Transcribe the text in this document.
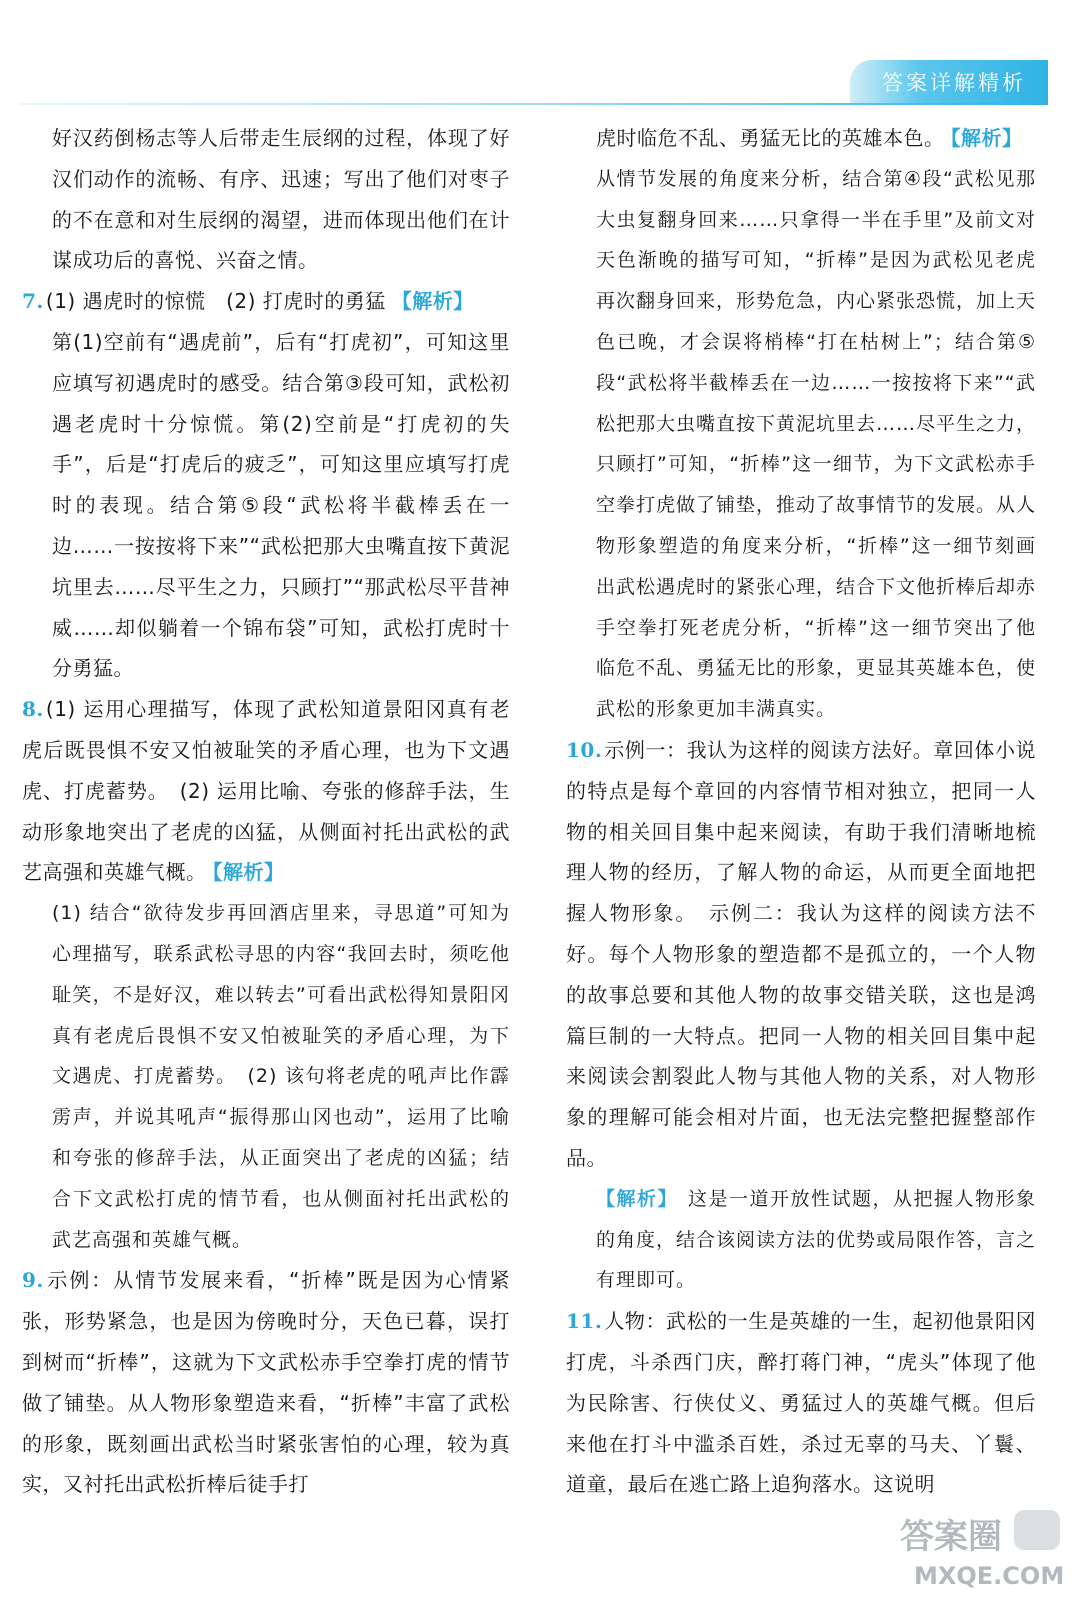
答案详解精析

好汉药倒杨志等人后带走生辰纲的过程，体现了好汉们动作的流畅、有序、迅速；写出了他们对枣子的不在意和对生辰纲的渴望，进而体现出他们在计谋成功后的喜悦、兴奋之情。

7. (1) 遇虎时的惊慌　(2) 打虎时的勇猛 【解析】

第(1)空前有“遇虎前”，后有“打虎初”，可知这里应填写初遇虎时的感受。结合第③段可知，武松初遇老虎时十分惊慌。第(2)空前是“打虎初的失手”，后是“打虎后的疲乏”，可知这里应填写打虎时的表现。结合第⑤段“武松将半截棒丢在一边……一按按将下来”“武松把那大虫嘴直按下黄泥坑里去……尽平生之力，只顾打”“那武松尽平昔神威……却似躺着一个锦布袋”可知，武松打虎时十分勇猛。

8. (1) 运用心理描写，体现了武松知道景阳冈真有老虎后既畏惧不安又怕被耻笑的矛盾心理，也为下文遇虎、打虎蓄势。　(2) 运用比喻、夸张的修辞手法，生动形象地突出了老虎的凶猛，从侧面衬托出武松的武艺高强和英雄气概。 【解析】

(1) 结合“欲待发步再回酒店里来，寻思道”可知为心理描写，联系武松寻思的内容“我回去时，须吃他耻笑，不是好汉，难以转去”可看出武松得知景阳冈真有老虎后畏惧不安又怕被耻笑的矛盾心理，为下文遇虎、打虎蓄势。　(2) 该句将老虎的吼声比作霹雳声，并说其吼声“振得那山冈也动”，运用了比喻和夸张的修辞手法，从正面突出了老虎的凶猛；结合下文武松打虎的情节看，也从侧面衬托出武松的武艺高强和英雄气概。

9. 示例：从情节发展来看，“折棒”既是因为心情紧张，形势紧急，也是因为傍晚时分，天色已暮，误打到树而“折棒”，这就为下文武松赤手空拳打虎的情节做了铺垫。从人物形象塑造来看，“折棒”丰富了武松的形象，既刻画出武松当时紧张害怕的心理，较为真实，又衬托出武松折棒后徒手打

虎时临危不乱、勇猛无比的英雄本色。 【解析】

从情节发展的角度来分析，结合第④段“武松见那大虫复翻身回来……只拿得一半在手里”及前文对天色渐晚的描写可知，“折棒”是因为武松见老虎再次翻身回来，形势危急，内心紧张恐慌，加上天色已晚，才会误将梢棒“打在枯树上”；结合第⑤段“武松将半截棒丢在一边……一按按将下来”“武松把那大虫嘴直按下黄泥坑里去……尽平生之力，只顾打”可知，“折棒”这一细节，为下文武松赤手空拳打虎做了铺垫，推动了故事情节的发展。从人物形象塑造的角度来分析，“折棒”这一细节刻画出武松遇虎时的紧张心理，结合下文他折棒后却赤手空拳打死老虎分析，“折棒”这一细节突出了他临危不乱、勇猛无比的形象，更显其英雄本色，使武松的形象更加丰满真实。

10. 示例一：我认为这样的阅读方法好。章回体小说的特点是每个章回的内容情节相对独立，把同一人物的相关回目集中起来阅读，有助于我们清晰地梳理人物的经历，了解人物的命运，从而更全面地把握人物形象。　示例二：我认为这样的阅读方法不好。每个人物形象的塑造都不是孤立的，一个人物的故事总要和其他人物的故事交错关联，这也是鸿篇巨制的一大特点。把同一人物的相关回目集中起来阅读会割裂此人物与其他人物的关系，对人物形象的理解可能会相对片面，也无法完整把握整部作品。

【解析】 这是一道开放性试题，从把握人物形象的角度，结合该阅读方法的优势或局限作答，言之有理即可。

11. 人物：武松的一生是英雄的一生，起初他景阳冈打虎，斗杀西门庆，醉打蒋门神，“虎头”体现了他为民除害、行侠仗义、勇猛过人的英雄气概。但后来他在打斗中滥杀百姓，杀过无辜的马夫、丫鬟、道童，最后在逃亡路上追狗落水。这说明

答案圈
MXQE.COM
